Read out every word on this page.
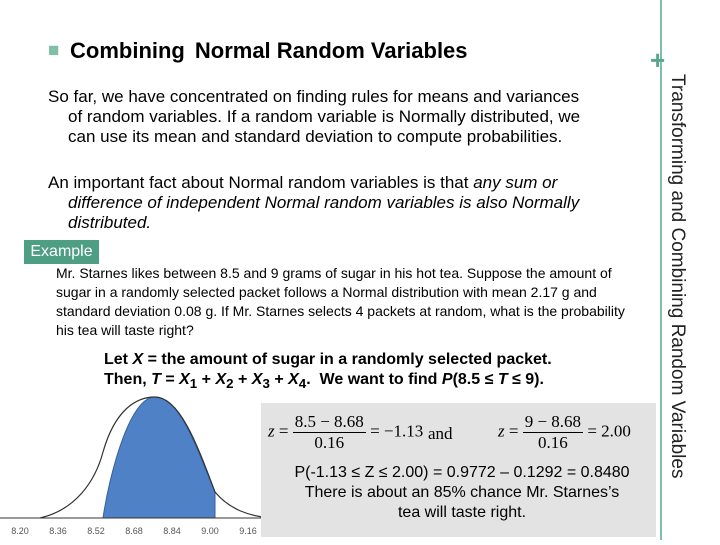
■ Combining Normal Random Variables	+
Transforming and Combining Random Variables
So far, we have concentrated on finding rules for means and variances
of random variables. If a random variable is Normally distributed, we
can use its mean and standard deviation to compute probabilities.
An important fact about Normal random variables is that any sum or
difference of independent Normal random variables is also Normally
distributed.
Example
Mr. Starnes likes between 8.5 and 9 grams of sugar in his hot tea. Suppose the amount of sugar in a randomly selected packet follows a Normal distribution with mean 2.17 g and standard deviation 0.08 g. If Mr. Starnes selects 4 packets at random, what is the probability his tea will taste right?
Let X = the amount of sugar in a randomly selected packet.
Then, $T = X_1 + X_2 + X_3 + X_4$.  We want to find P(8.5 ≤ T ≤ 9).
8.20 8.36 8.52 8.68 8.84 9.00 9.16
$z = \frac{8.5 - 8.68}{0.16} = -1.13$ and	$z = \frac{9 - 8.68}{0.16} = 2.00$
P(-1.13 ≤ Z ≤ 2.00) = 0.9772 – 0.1292 = 0.8480
There is about an 85% chance Mr. Starnes’s
tea will taste right.
